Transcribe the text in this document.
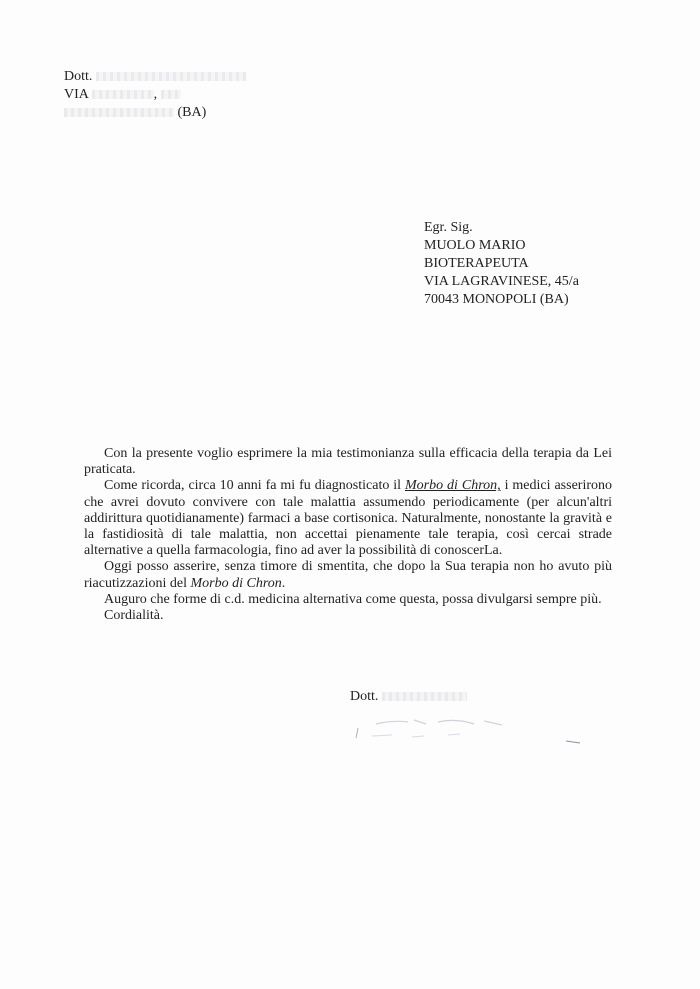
Dott.
VIA	,
(BA)
Egr. Sig.
MUOLO MARIO
BIOTERAPEUTA
VIA LAGRAVINESE, 45/a
70043 MONOPOLI (BA)

Con la presente voglio esprimere la mia testimonianza sulla efficacia della terapia da Lei praticata.

Come ricorda, circa 10 anni fa mi fu diagnosticato il Morbo di Chron, i medici asserirono che avrei dovuto convivere con tale malattia assumendo periodicamente (per alcun'altri addirittura quotidianamente) farmaci a base cortisonica. Naturalmente, nonostante la gravità e la fastidiosità di tale malattia, non accettai pienamente tale terapia, così cercai strade alternative a quella farmacologia, fino ad aver la possibilità di conoscerLa.

Oggi posso asserire, senza timore di smentita, che dopo la Sua terapia non ho avuto più riacutizzazioni del Morbo di Chron.

Auguro che forme di c.d. medicina alternativa come questa, possa divulgarsi sempre più.

Cordialità.

Dott.
